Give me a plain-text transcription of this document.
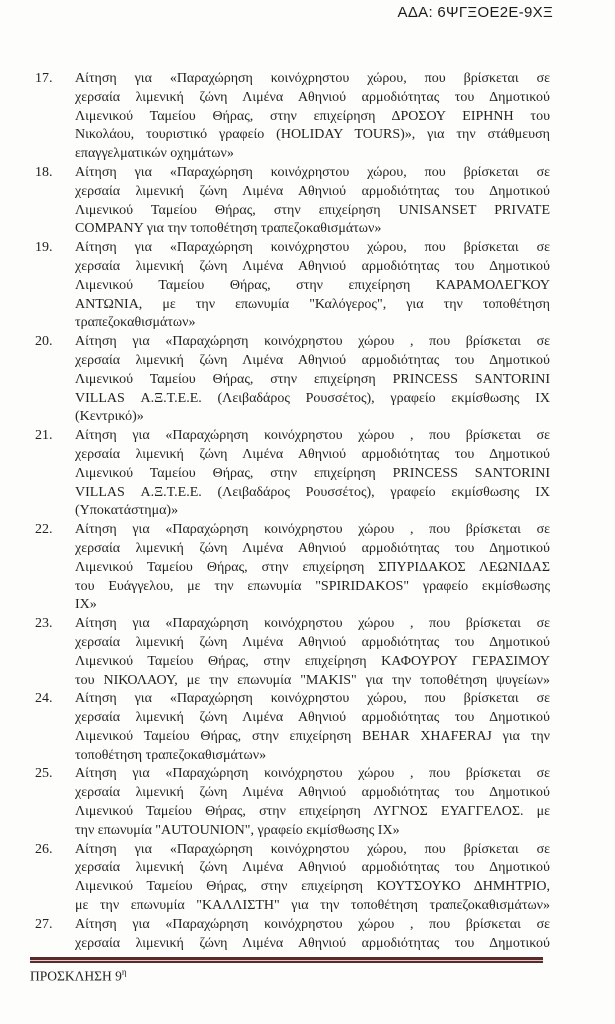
ΑΔΑ: 6ΨΓΞΟΕ2Ε-9ΧΞ
17.	Αίτηση για «Παραχώρηση κοινόχρηστου χώρου, που βρίσκεται σε
χερσαία λιμενική ζώνη Λιμένα Αθηνιού αρμοδιότητας του Δημοτικού
Λιμενικού Ταμείου Θήρας, στην επιχείρηση ΔΡΟΣΟΥ ΕΙΡΗΝΗ του
Νικολάου, τουριστικό γραφείο (HOLIDAY TOURS)», για την στάθμευση
επαγγελματικών οχημάτων»
18.	Αίτηση για «Παραχώρηση κοινόχρηστου χώρου, που βρίσκεται σε
χερσαία λιμενική ζώνη Λιμένα Αθηνιού αρμοδιότητας του Δημοτικού
Λιμενικού Ταμείου Θήρας, στην επιχείρηση UNISANSET PRIVATE
COMPANY για την τοποθέτηση τραπεζοκαθισμάτων»
19.	Αίτηση για «Παραχώρηση κοινόχρηστου χώρου, που βρίσκεται σε
χερσαία λιμενική ζώνη Λιμένα Αθηνιού αρμοδιότητας του Δημοτικού
Λιμενικού Ταμείου Θήρας, στην επιχείρηση ΚΑΡΑΜΟΛΕΓΚΟΥ
ΑΝΤΩΝΙΑ, με την επωνυμία "Καλόγερος", για την τοποθέτηση
τραπεζοκαθισμάτων»
20.	Αίτηση για «Παραχώρηση κοινόχρηστου χώρου , που βρίσκεται σε
χερσαία λιμενική ζώνη Λιμένα Αθηνιού αρμοδιότητας του Δημοτικού
Λιμενικού Ταμείου Θήρας, στην επιχείρηση PRINCESS SANTORINI
VILLAS Α.Ξ.Τ.Ε.Ε. (Λειβαδάρος Ρουσσέτος), γραφείο εκμίσθωσης ΙΧ
(Κεντρικό)»
21.	Αίτηση για «Παραχώρηση κοινόχρηστου χώρου , που βρίσκεται σε
χερσαία λιμενική ζώνη Λιμένα Αθηνιού αρμοδιότητας του Δημοτικού
Λιμενικού Ταμείου Θήρας, στην επιχείρηση PRINCESS SANTORINI
VILLAS Α.Ξ.Τ.Ε.Ε. (Λειβαδάρος Ρουσσέτος), γραφείο εκμίσθωσης ΙΧ
(Υποκατάστημα)»
22.	Αίτηση για «Παραχώρηση κοινόχρηστου χώρου , που βρίσκεται σε
χερσαία λιμενική ζώνη Λιμένα Αθηνιού αρμοδιότητας του Δημοτικού
Λιμενικού Ταμείου Θήρας, στην επιχείρηση ΣΠΥΡΙΔΑΚΟΣ ΛΕΩΝΙΔΑΣ
του Ευάγγελου, με την επωνυμία "SPIRIDAKOS" γραφείο εκμίσθωσης
ΙΧ»
23.	Αίτηση για «Παραχώρηση κοινόχρηστου χώρου , που βρίσκεται σε
χερσαία λιμενική ζώνη Λιμένα Αθηνιού αρμοδιότητας του Δημοτικού
Λιμενικού Ταμείου Θήρας, στην επιχείρηση ΚΑΦΟΥΡΟΥ ΓΕΡΑΣΙΜΟΥ
του ΝΙΚΟΛΑΟΥ, με την επωνυμία "MAKIS" για την τοποθέτηση ψυγείων»
24.	Αίτηση για «Παραχώρηση κοινόχρηστου χώρου, που βρίσκεται σε
χερσαία λιμενική ζώνη Λιμένα Αθηνιού αρμοδιότητας του Δημοτικού
Λιμενικού Ταμείου Θήρας, στην επιχείρηση BEHAR XHAFERAJ για την
τοποθέτηση τραπεζοκαθισμάτων»
25.	Αίτηση για «Παραχώρηση κοινόχρηστου χώρου , που βρίσκεται σε
χερσαία λιμενική ζώνη Λιμένα Αθηνιού αρμοδιότητας του Δημοτικού
Λιμενικού Ταμείου Θήρας, στην επιχείρηση ΛΥΓΝΟΣ ΕΥΑΓΓΕΛΟΣ. με
την επωνυμία "AUTOUNION", γραφείο εκμίσθωσης ΙΧ»
26.	Αίτηση για «Παραχώρηση κοινόχρηστου χώρου, που βρίσκεται σε
χερσαία λιμενική ζώνη Λιμένα Αθηνιού αρμοδιότητας του Δημοτικού
Λιμενικού Ταμείου Θήρας, στην επιχείρηση ΚΟΥΤΣΟΥΚΟ ΔΗΜΗΤΡΙΟ,
με την επωνυμία "ΚΑΛΛΙΣΤΗ" για την τοποθέτηση τραπεζοκαθισμάτων»
27.	Αίτηση για «Παραχώρηση κοινόχρηστου χώρου , που βρίσκεται σε
χερσαία λιμενική ζώνη Λιμένα Αθηνιού αρμοδιότητας του Δημοτικού
ΠΡΟΣΚΛΗΣΗ $9^\eta$
